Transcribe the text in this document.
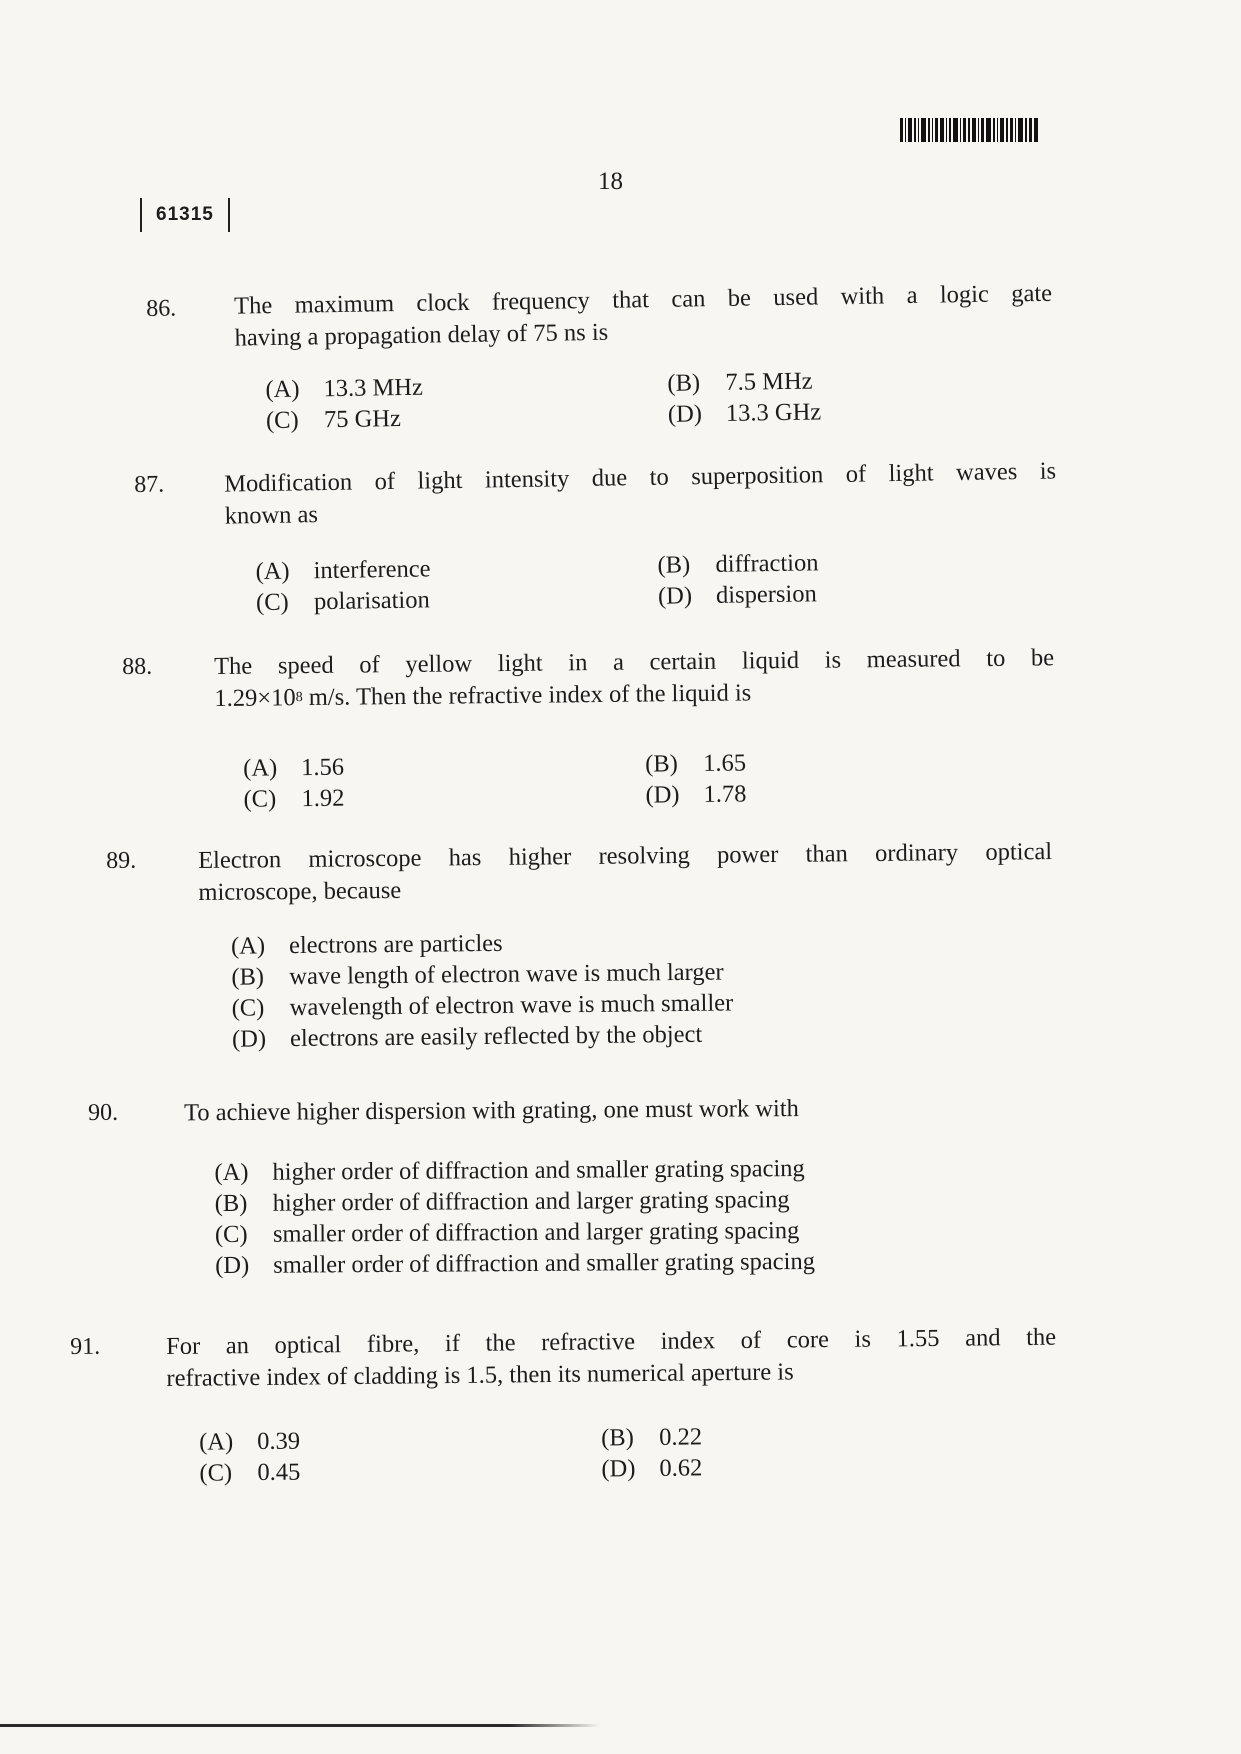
18
61315
86. The maximum clock frequency that can be used with a logic gate
having a propagation delay of 75 ns is
(A) 13.3 MHz	(B) 7.5 MHz
(C) 75 GHz	(D) 13.3 GHz
87. Modification of light intensity due to superposition of light waves is
known as
(A) interference	(B) diffraction
(C) polarisation	(D) dispersion
88.	The speed of yellow light in a certain liquid is measured to be
$1.29\times 10^8$ m/s. Then the refractive index of the liquid is
(A) 1.56	(B) 1.65
(C) 1.92	(D) 1.78
89.	Electron microscope has higher resolving power than ordinary optical
microscope, because
(A) electrons are particles
(B) wave length of electron wave is much larger
(C) wavelength of electron wave is much smaller
(D) electrons are easily reflected by the object
90.	To achieve higher dispersion with grating, one must work with
(A) higher order of diffraction and smaller grating spacing
(B) higher order of diffraction and larger grating spacing
(C) smaller order of diffraction and larger grating spacing
(D) smaller order of diffraction and smaller grating spacing
91.	For an optical fibre, if the refractive index of core is 1.55 and the
refractive index of cladding is 1.5, then its numerical aperture is
(A) 0.39	(B) 0.22
(C) 0.45	(D) 0.62
